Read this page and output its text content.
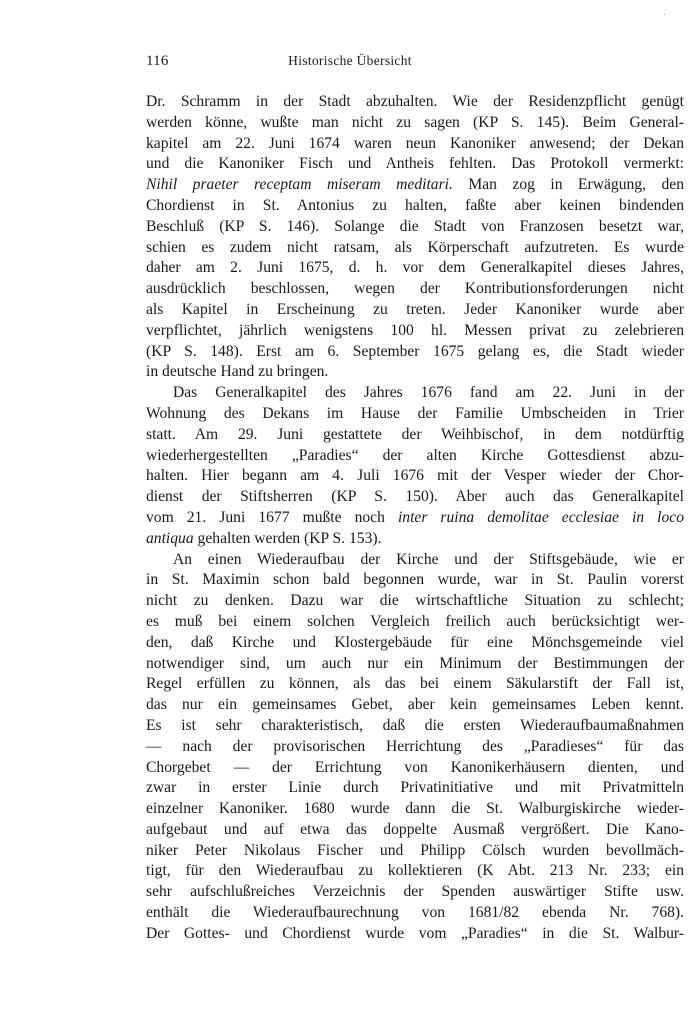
116	Historische Übersicht
Dr. Schramm in der Stadt abzuhalten. Wie der Residenzpflicht genügt
werden könne, wußte man nicht zu sagen (KP S. 145). Beim General-
kapitel am 22. Juni 1674 waren neun Kanoniker anwesend; der Dekan
und die Kanoniker Fisch und Antheis fehlten. Das Protokoll vermerkt:
Nihil praeter receptam miseram meditari. Man zog in Erwägung, den
Chordienst in St. Antonius zu halten, faßte aber keinen bindenden
Beschluß (KP S. 146). Solange die Stadt von Franzosen besetzt war,
schien es zudem nicht ratsam, als Körperschaft aufzutreten. Es wurde
daher am 2. Juni 1675, d. h. vor dem Generalkapitel dieses Jahres,
ausdrücklich beschlossen, wegen der Kontributionsforderungen nicht
als Kapitel in Erscheinung zu treten. Jeder Kanoniker wurde aber
verpflichtet, jährlich wenigstens 100 hl. Messen privat zu zelebrieren
(KP S. 148). Erst am 6. September 1675 gelang es, die Stadt wieder
in deutsche Hand zu bringen.
Das Generalkapitel des Jahres 1676 fand am 22. Juni in der
Wohnung des Dekans im Hause der Familie Umbscheiden in Trier
statt. Am 29. Juni gestattete der Weihbischof, in dem notdürftig
wiederhergestellten „Paradies“ der alten Kirche Gottesdienst abzu-
halten. Hier begann am 4. Juli 1676 mit der Vesper wieder der Chor-
dienst der Stiftsherren (KP S. 150). Aber auch das Generalkapitel
vom 21. Juni 1677 mußte noch inter ruina demolitae ecclesiae in loco
antiqua gehalten werden (KP S. 153).
An einen Wiederaufbau der Kirche und der Stiftsgebäude, wie er
in St. Maximin schon bald begonnen wurde, war in St. Paulin vorerst
nicht zu denken. Dazu war die wirtschaftliche Situation zu schlecht;
es muß bei einem solchen Vergleich freilich auch berücksichtigt wer-
den, daß Kirche und Klostergebäude für eine Mönchsgemeinde viel
notwendiger sind, um auch nur ein Minimum der Bestimmungen der
Regel erfüllen zu können, als das bei einem Säkularstift der Fall ist,
das nur ein gemeinsames Gebet, aber kein gemeinsames Leben kennt.
Es ist sehr charakteristisch, daß die ersten Wiederaufbaumaßnahmen
— nach der provisorischen Herrichtung des „Paradieses“ für das
Chorgebet — der Errichtung von Kanonikerhäusern dienten, und
zwar in erster Linie durch Privatinitiative und mit Privatmitteln
einzelner Kanoniker. 1680 wurde dann die St. Walburgiskirche wieder-
aufgebaut und auf etwa das doppelte Ausmaß vergrößert. Die Kano-
niker Peter Nikolaus Fischer und Philipp Cölsch wurden bevollmäch-
tigt, für den Wiederaufbau zu kollektieren (K Abt. 213 Nr. 233; ein
sehr aufschlußreiches Verzeichnis der Spenden auswärtiger Stifte usw.
enthält die Wiederaufbaurechnung von 1681/82 ebenda Nr. 768).
Der Gottes- und Chordienst wurde vom „Paradies“ in die St. Walbur-
